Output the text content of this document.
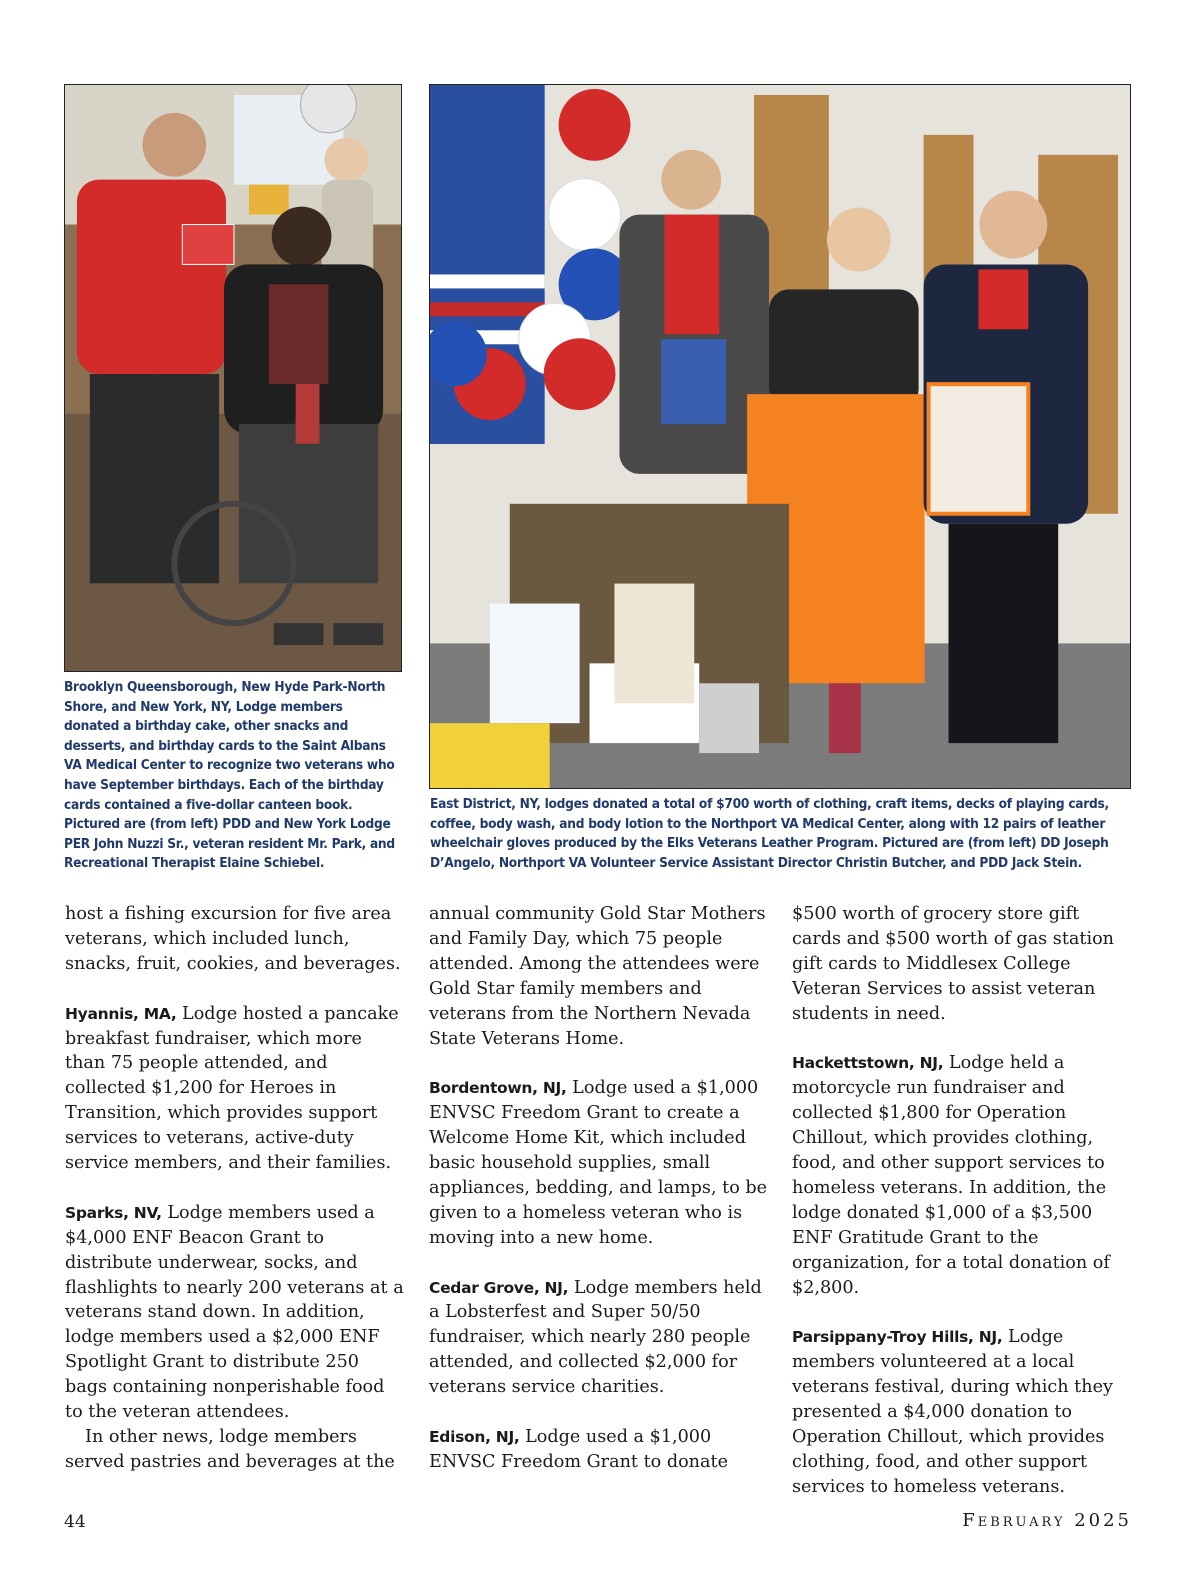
Brooklyn Queensborough, New Hyde Park-North Shore, and New York, NY, Lodge members donated a birthday cake, other snacks and desserts, and birthday cards to the Saint Albans VA Medical Center to recognize two veterans who have September birthdays. Each of the birthday cards contained a five-dollar canteen book. Pictured are (from left) PDD and New York Lodge PER John Nuzzi Sr., veteran resident Mr. Park, and Recreational Therapist Elaine Schiebel.
East District, NY, lodges donated a total of $700 worth of clothing, craft items, decks of playing cards, coffee, body wash, and body lotion to the Northport VA Medical Center, along with 12 pairs of leather wheelchair gloves produced by the Elks Veterans Leather Program. Pictured are (from left) DD Joseph D’Angelo, Northport VA Volunteer Service Assistant Director Christin Butcher, and PDD Jack Stein.

host a fishing excursion for five area veterans, which included lunch, snacks, fruit, cookies, and beverages.

Hyannis, MA, Lodge hosted a pancake breakfast fundraiser, which more than 75 people attended, and collected $1,200 for Heroes in Transition, which provides support services to veterans, active-duty service members, and their families.

Sparks, NV, Lodge members used a $4,000 ENF Beacon Grant to distribute underwear, socks, and flashlights to nearly 200 veterans at a veterans stand down. In addition, lodge members used a $2,000 ENF Spotlight Grant to distribute 250 bags containing nonperishable food to the veteran attendees.

In other news, lodge members served pastries and beverages at the

annual community Gold Star Mothers and Family Day, which 75 people attended. Among the attendees were Gold Star family members and veterans from the Northern Nevada State Veterans Home.

Bordentown, NJ, Lodge used a $1,000 ENVSC Freedom Grant to create a Welcome Home Kit, which included basic household supplies, small appliances, bedding, and lamps, to be given to a homeless veteran who is moving into a new home.

Cedar Grove, NJ, Lodge members held a Lobsterfest and Super 50/50 fundraiser, which nearly 280 people attended, and collected $2,000 for veterans service charities.

Edison, NJ, Lodge used a $1,000 ENVSC Freedom Grant to donate

$500 worth of grocery store gift cards and $500 worth of gas station gift cards to Middlesex College Veteran Services to assist veteran students in need.

Hackettstown, NJ, Lodge held a motorcycle run fundraiser and collected $1,800 for Operation Chillout, which provides clothing, food, and other support services to homeless veterans. In addition, the lodge donated $1,000 of a $3,500 ENF Gratitude Grant to the organization, for a total donation of $2,800.

Parsippany-Troy Hills, NJ, Lodge members volunteered at a local veterans festival, during which they presented a $4,000 donation to Operation Chillout, which provides clothing, food, and other support services to homeless veterans.

44	February 2025
